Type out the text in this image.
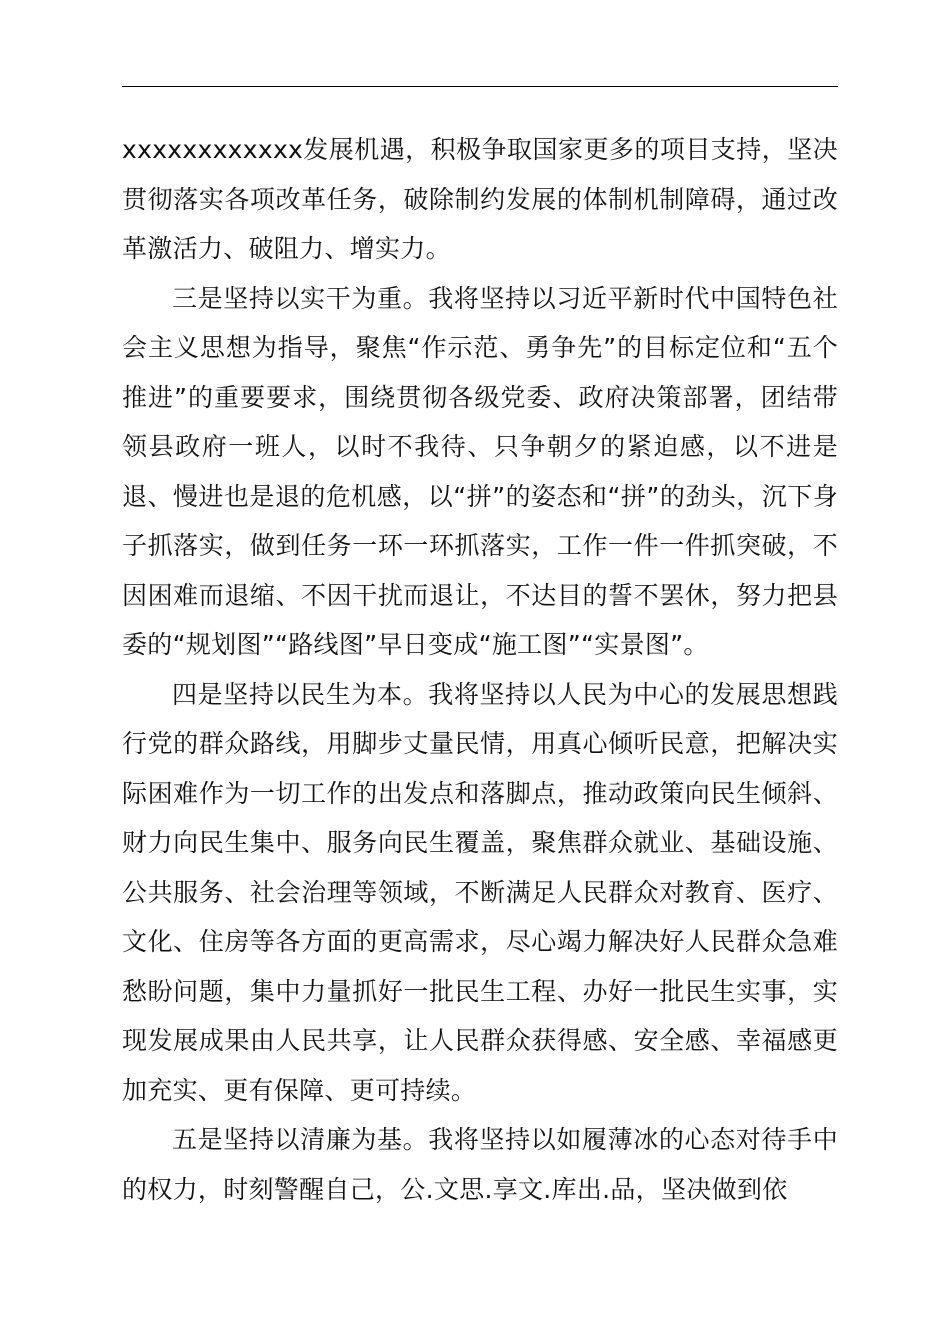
xxxxxxxxxxxx发展机遇，积极争取国家更多的项目支持，坚决贯彻落实各项改革任务，破除制约发展的体制机制障碍，通过改革激活力、破阻力、增实力。

三是坚持以实干为重。我将坚持以习近平新时代中国特色社会主义思想为指导，聚焦“作示范、勇争先”的目标定位和“五个推进”的重要要求，围绕贯彻各级党委、政府决策部署，团结带领县政府一班人，以时不我待、只争朝夕的紧迫感，以不进是退、慢进也是退的危机感，以“拼”的姿态和“拼”的劲头，沉下身子抓落实，做到任务一环一环抓落实，工作一件一件抓突破，不因困难而退缩、不因干扰而退让，不达目的誓不罢休，努力把县委的“规划图”“路线图”早日变成“施工图”“实景图”。

四是坚持以民生为本。我将坚持以人民为中心的发展思想践行党的群众路线，用脚步丈量民情，用真心倾听民意，把解决实际困难作为一切工作的出发点和落脚点，推动政策向民生倾斜、财力向民生集中、服务向民生覆盖，聚焦群众就业、基础设施、公共服务、社会治理等领域，不断满足人民群众对教育、医疗、文化、住房等各方面的更高需求，尽心竭力解决好人民群众急难愁盼问题，集中力量抓好一批民生工程、办好一批民生实事，实现发展成果由人民共享，让人民群众获得感、安全感、幸福感更加充实、更有保障、更可持续。

五是坚持以清廉为基。我将坚持以如履薄冰的心态对待手中的权力，时刻警醒自己，公.文思.享文.库出.品，坚决做到依
